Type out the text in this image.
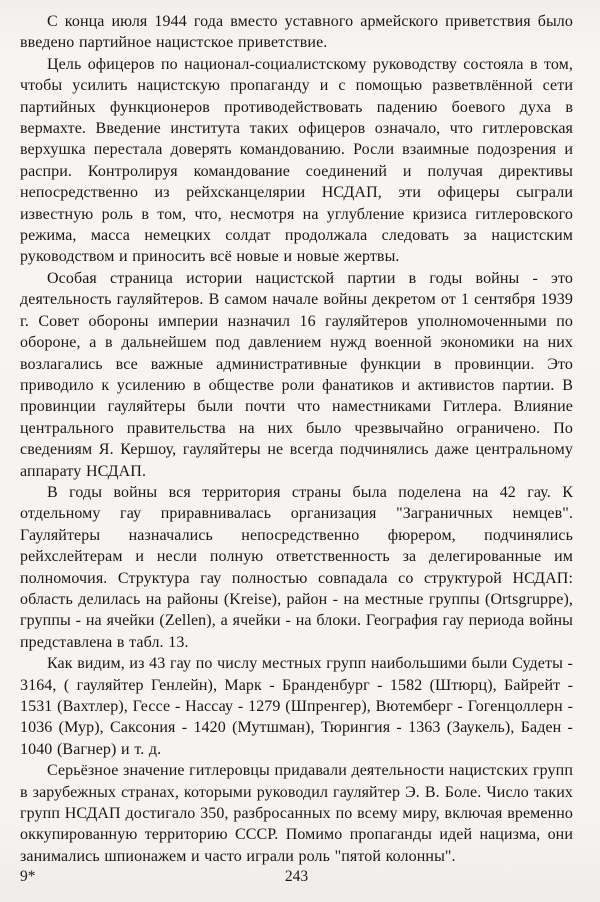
С конца июля 1944 года вместо уставного армейского приветствия было введено партийное нацистское приветствие.

Цель офицеров по национал-социалистскому руководству состояла в том, чтобы усилить нацистскую пропаганду и с помощью разветвлённой сети партийных функционеров противодействовать падению боевого духа в вермахте. Введение института таких офицеров означало, что гитлеровская верхушка перестала доверять командованию. Росли взаимные подозрения и распри. Контролируя командование соединений и получая директивы непосредственно из рейхсканцелярии НСДАП, эти офицеры сыграли известную роль в том, что, несмотря на углубление кризиса гитлеровского режима, масса немецких солдат продолжала следовать за нацистским руководством и приносить всё новые и новые жертвы.

Особая страница истории нацистской партии в годы войны - это деятельность гауляйтеров. В самом начале войны декретом от 1 сентября 1939 г. Совет обороны империи назначил 16 гауляйтеров уполномоченными по обороне, а в дальнейшем под давлением нужд военной экономики на них возлагались все важные административные функции в провинции. Это приводило к усилению в обществе роли фанатиков и активистов партии. В провинции гауляйтеры были почти что наместниками Гитлера. Влияние центрального правительства на них было чрезвычайно ограничено. По сведениям Я. Кершоу, гауляйтеры не всегда подчинялись даже центральному аппарату НСДАП.

В годы войны вся территория страны была поделена на 42 гау. К отдельному гау приравнивалась организация "Заграничных немцев". Гауляйтеры назначались непосредственно фюрером, подчинялись рейхслейтерам и несли полную ответственность за делегированные им полномочия. Структура гау полностью совпадала со структурой НСДАП: область делилась на районы (Kreise), район - на местные группы (Ortsgruppe), группы - на ячейки (Zellen), а ячейки - на блоки. География гау периода войны представлена в табл. 13.

Как видим, из 43 гау по числу местных групп наибольшими были Судеты - 3164, ( гауляйтер Генлейн), Марк - Бранденбург - 1582 (Штюрц), Байрейт - 1531 (Вахтлер), Гессе - Нассау - 1279 (Шпренгер), Вютемберг - Гогенцоллерн - 1036 (Мур), Саксония - 1420 (Мутшман), Тюрингия - 1363 (Заукель), Баден - 1040 (Вагнер) и т. д.

Серьёзное значение гитлеровцы придавали деятельности нацистских групп в зарубежных странах, которыми руководил гауляйтер Э. В. Боле. Число таких групп НСДАП достигало 350, разбросанных по всему миру, включая временно оккупированную территорию СССР. Помимо пропаганды идей нацизма, они занимались шпионажем и часто играли роль "пятой колонны".

9*	243
